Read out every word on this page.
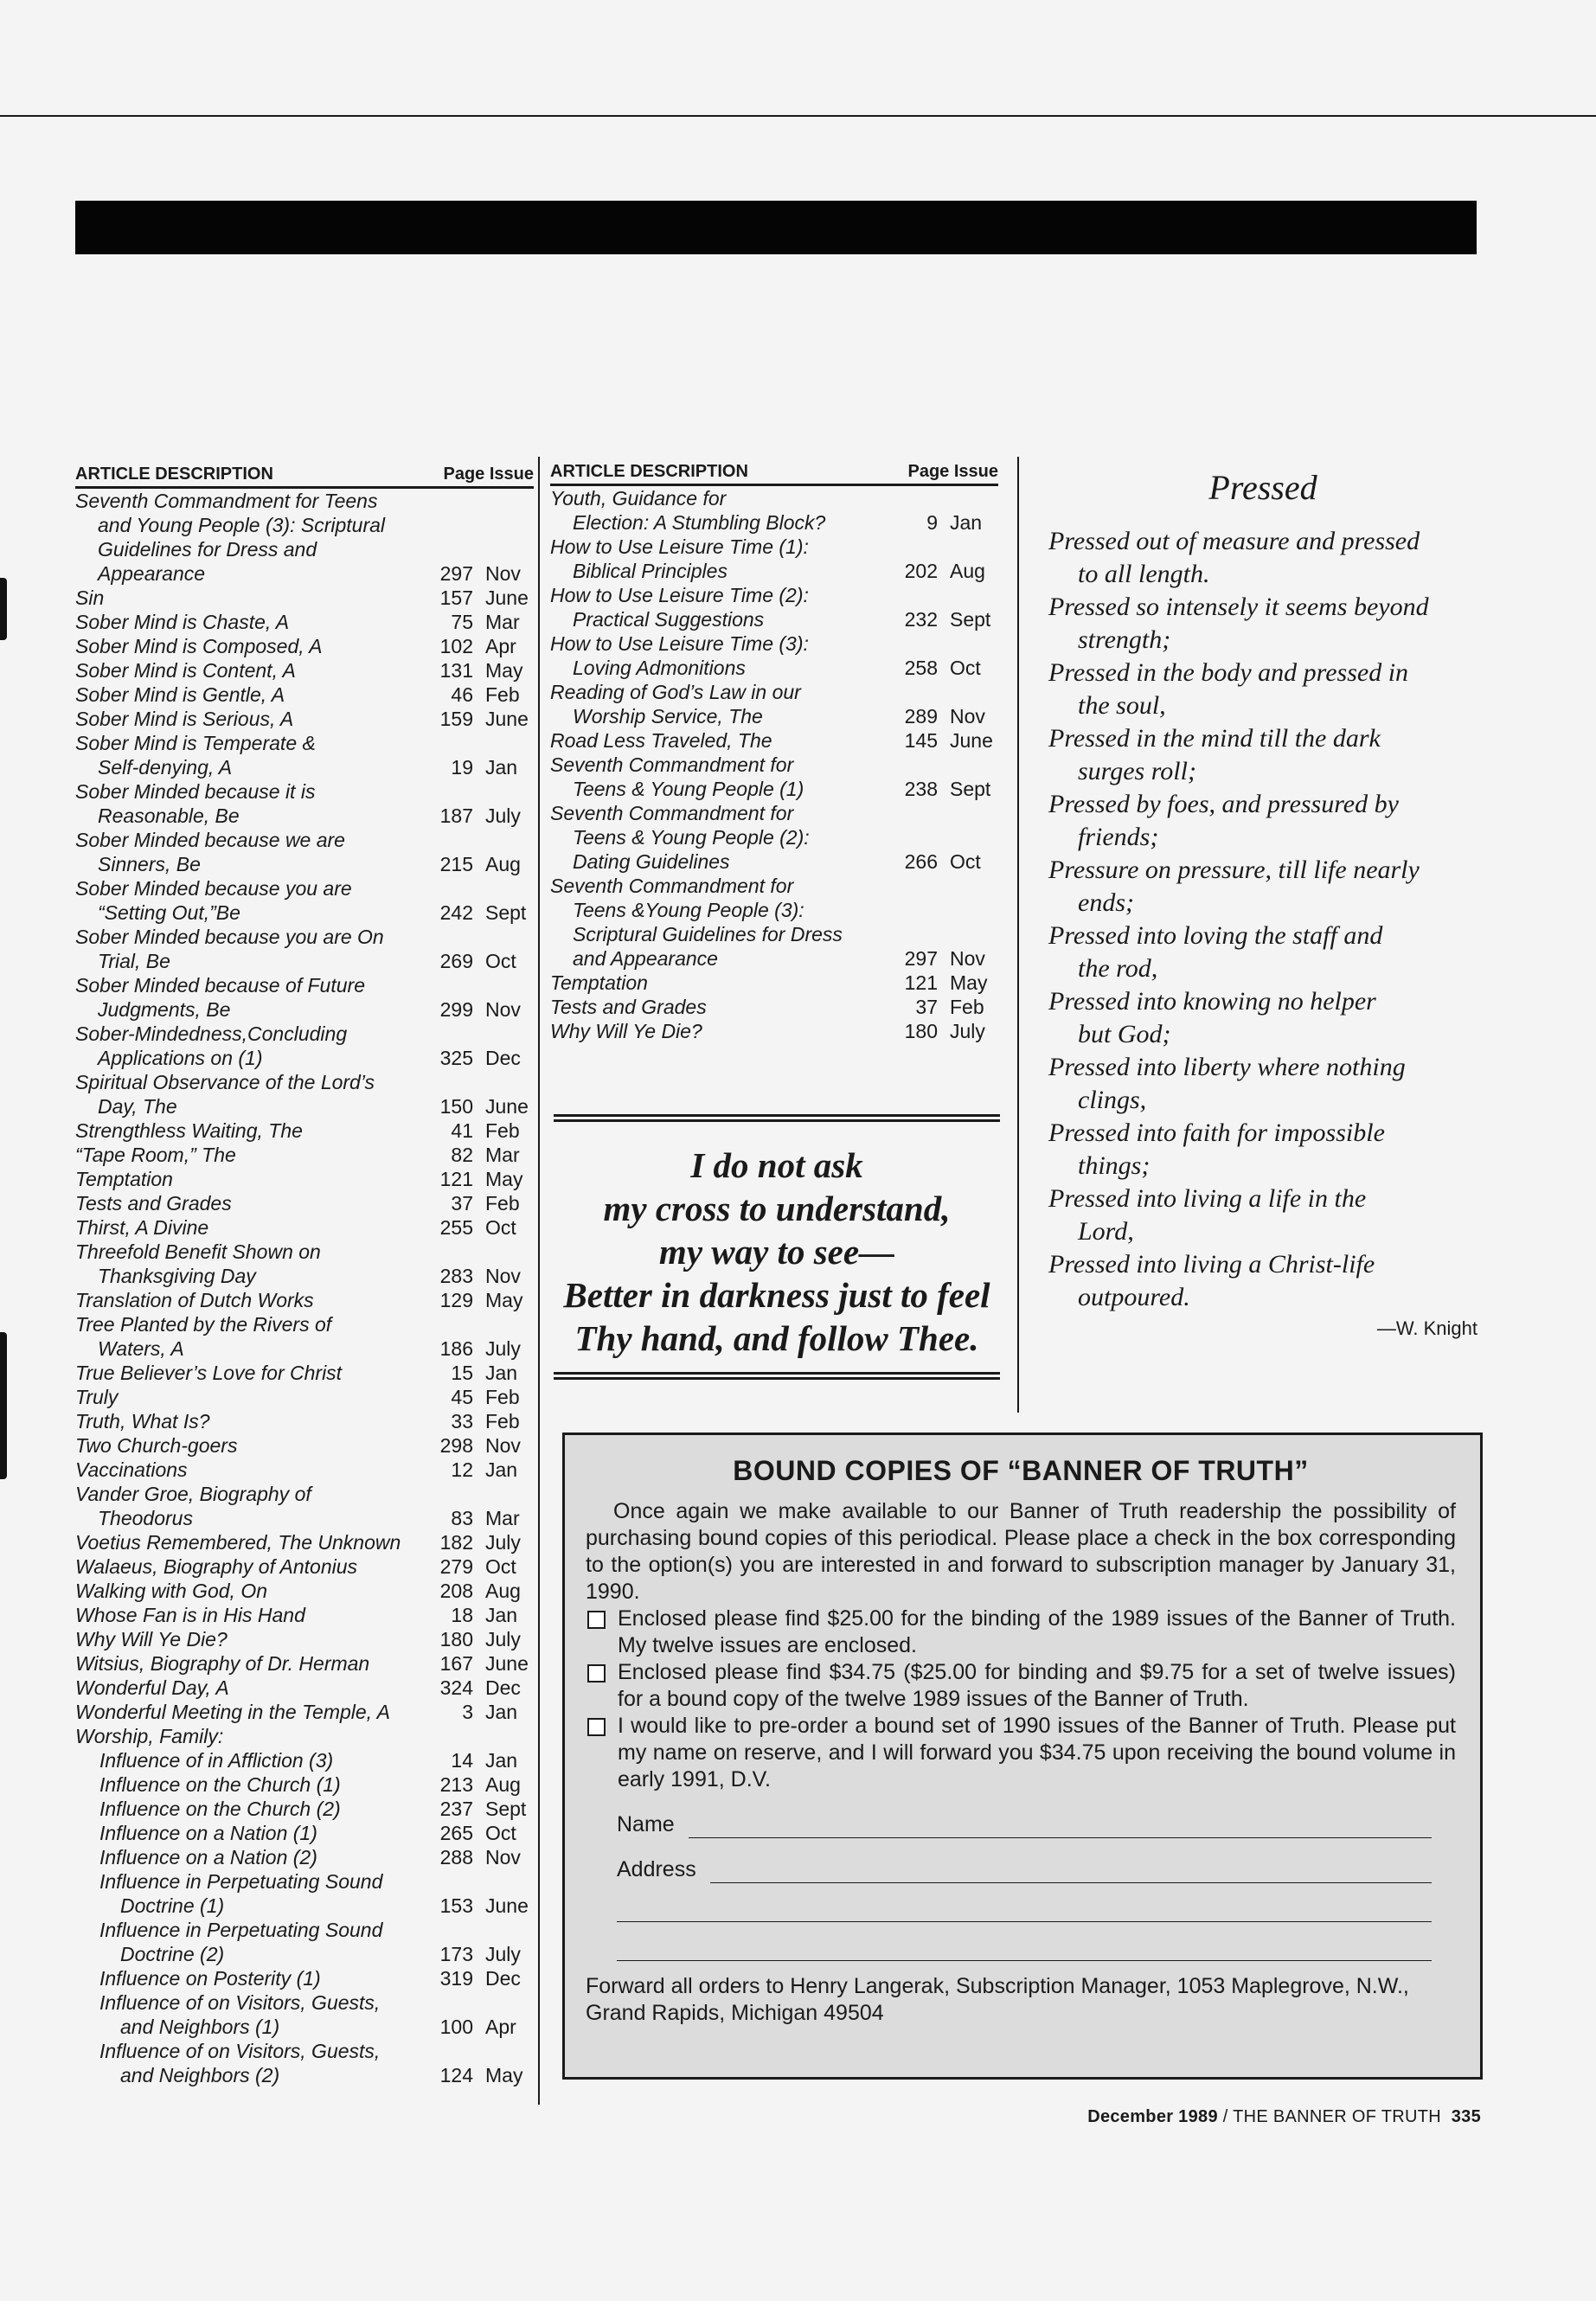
ARTICLE DESCRIPTION	Page Issue
Seventh Commandment for Teens
and Young People (3): Scriptural
Guidelines for Dress and
Appearance	297 Nov
Sin	157 June
Sober Mind is Chaste, A	75 Mar
Sober Mind is Composed, A	102 Apr
Sober Mind is Content, A	131 May
Sober Mind is Gentle, A	46 Feb
Sober Mind is Serious, A	159 June
Sober Mind is Temperate &
Self-denying, A	19 Jan
Sober Minded because it is
Reasonable, Be	187 July
Sober Minded because we are
Sinners, Be	215 Aug
Sober Minded because you are
“Setting Out,”Be	242 Sept
Sober Minded because you are On
Trial, Be	269 Oct
Sober Minded because of Future
Judgments, Be	299 Nov
Sober-Mindedness,Concluding
Applications on (1)	325 Dec
Spiritual Observance of the Lord’s
Day, The	150 June
Strengthless Waiting, The	41 Feb
“Tape Room,” The	82 Mar
Temptation	121 May
Tests and Grades	37 Feb
Thirst, A Divine	255 Oct
Threefold Benefit Shown on
Thanksgiving Day	283 Nov
Translation of Dutch Works	129 May
Tree Planted by the Rivers of
Waters, A	186 July
True Believer’s Love for Christ	15 Jan
Truly	45 Feb
Truth, What Is?	33 Feb
Two Church-goers	298 Nov
Vaccinations	12 Jan
Vander Groe, Biography of
Theodorus	83 Mar
Voetius Remembered, The Unknown	182 July
Walaeus, Biography of Antonius	279 Oct
Walking with God, On	208 Aug
Whose Fan is in His Hand	18 Jan
Why Will Ye Die?	180 July
Witsius, Biography of Dr. Herman	167 June
Wonderful Day, A	324 Dec
Wonderful Meeting in the Temple, A	3 Jan
Worship, Family:
Influence of in Affliction (3)	14 Jan
Influence on the Church (1)	213 Aug
Influence on the Church (2)	237 Sept
Influence on a Nation (1)	265 Oct
Influence on a Nation (2)	288 Nov
Influence in Perpetuating Sound
Doctrine (1)	153 June
Influence in Perpetuating Sound
Doctrine (2)	173 July
Influence on Posterity (1)	319 Dec
Influence of on Visitors, Guests,
and Neighbors (1)	100 Apr
Influence of on Visitors, Guests,
and Neighbors (2)	124 May
ARTICLE DESCRIPTION	Page Issue
Youth, Guidance for
Election: A Stumbling Block?	9 Jan
How to Use Leisure Time (1):
Biblical Principles	202 Aug
How to Use Leisure Time (2):
Practical Suggestions	232 Sept
How to Use Leisure Time (3):
Loving Admonitions	258 Oct
Reading of God’s Law in our
Worship Service, The	289 Nov
Road Less Traveled, The	145 June
Seventh Commandment for
Teens & Young People (1)	238 Sept
Seventh Commandment for
Teens & Young People (2):
Dating Guidelines	266 Oct
Seventh Commandment for
Teens &Young People (3):
Scriptural Guidelines for Dress
and Appearance	297 Nov
Temptation	121 May
Tests and Grades	37 Feb
Why Will Ye Die?	180 July
I do not ask
my cross to understand,
my way to see—
Better in darkness just to feel
Thy hand, and follow Thee.
Pressed
Pressed out of measure and pressed
to all length.
Pressed so intensely it seems beyond
strength;
Pressed in the body and pressed in
the soul,
Pressed in the mind till the dark
surges roll;
Pressed by foes, and pressured by
friends;
Pressure on pressure, till life nearly
ends;
Pressed into loving the staff and
the rod,
Pressed into knowing no helper
but God;
Pressed into liberty where nothing
clings,
Pressed into faith for impossible
things;
Pressed into living a life in the
Lord,
Pressed into living a Christ-life
outpoured.
—W. Knight
BOUND COPIES OF “BANNER OF TRUTH”

Once again we make available to our Banner of Truth readership the possibility of purchasing bound copies of this periodical. Please place a check in the box corresponding to the option(s) you are interested in and forward to subscription manager by January 31, 1990.

Enclosed please find $25.00 for the binding of the 1989 issues of the Banner of Truth. My twelve issues are enclosed.
Enclosed please find $34.75 ($25.00 for binding and $9.75 for a set of twelve issues) for a bound copy of the twelve 1989 issues of the Banner of Truth.
I would like to pre-order a bound set of 1990 issues of the Banner of Truth. Please put my name on reserve, and I will forward you $34.75 upon receiving the bound volume in early 1991, D.V.
Name
Address
Forward all orders to Henry Langerak, Subscription Manager, 1053 Maplegrove, N.W., Grand Rapids, Michigan 49504
December 1989 / THE BANNER OF TRUTH 335
